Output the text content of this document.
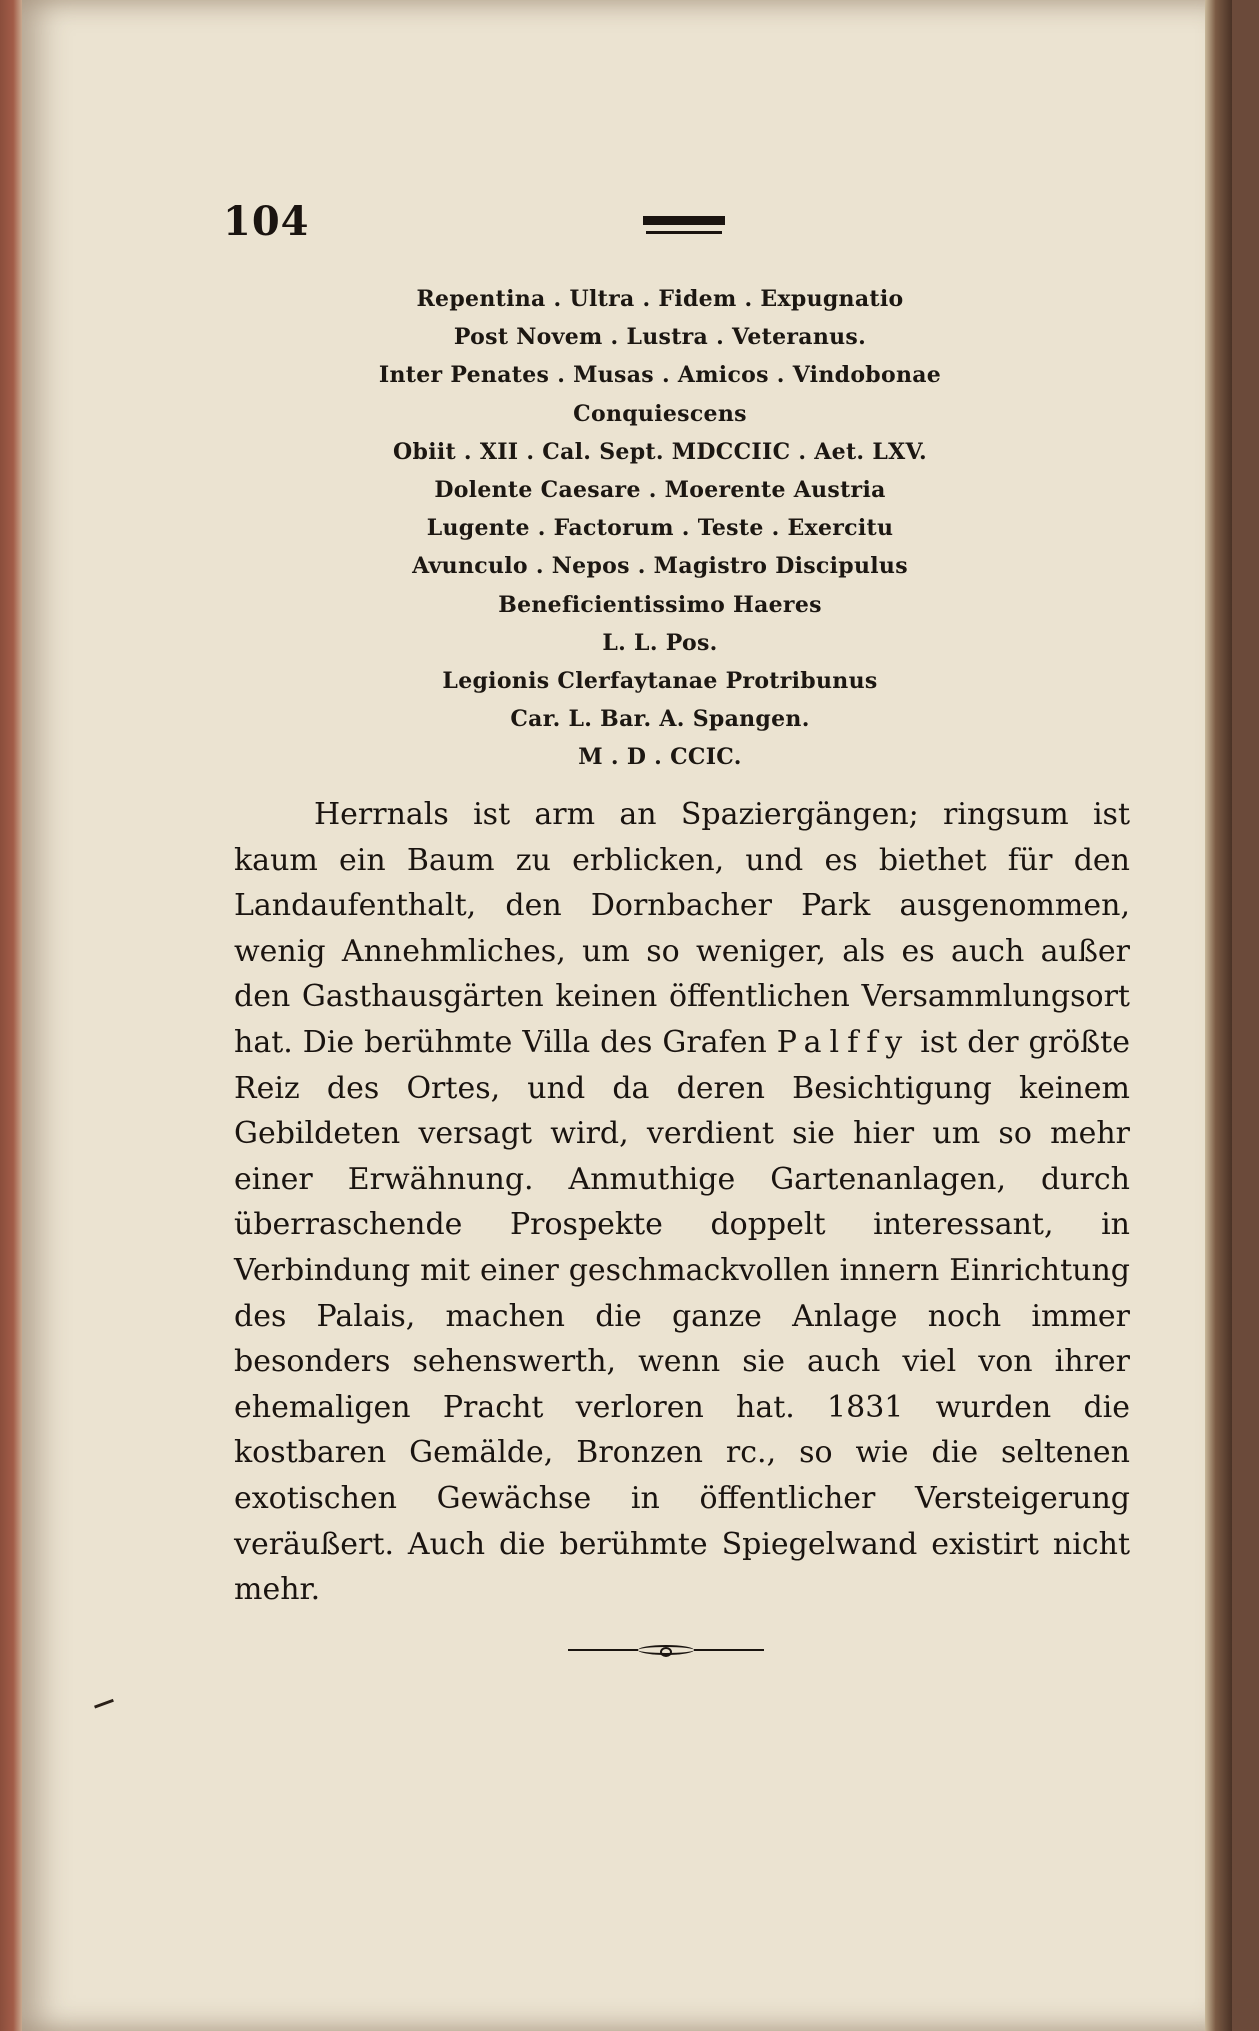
104
Repentina . Ultra . Fidem . Expugnatio
Post Novem . Lustra . Veteranus.
Inter Penates . Musas . Amicos . Vindobonae
Conquiescens
Obiit . XII . Cal. Sept. MDCCIIC . Aet. LXV.
Dolente Caesare . Moerente Austria
Lugente . Factorum . Teste . Exercitu
Avunculo . Nepos . Magistro Discipulus
Beneficientissimo Haeres
L. L. Pos.
Legionis Clerfaytanae Protribunus
Car. L. Bar. A. Spangen.
M . D . CCIC.

Herrnals ist arm an Spaziergängen; ringsum ist kaum ein Baum zu erblicken, und es biethet für den Landaufenthalt, den Dornbacher Park ausgenommen, wenig Annehmliches, um so weniger, als es auch außer den Gasthausgärten keinen öffentlichen Versammlungsort hat. Die berühmte Villa des Grafen Palffy ist der größte Reiz des Ortes, und da deren Besichtigung keinem Gebildeten versagt wird, verdient sie hier um so mehr einer Erwähnung. Anmuthige Gartenanlagen, durch überraschende Prospekte doppelt interessant, in Verbindung mit einer geschmackvollen innern Einrichtung des Palais, machen die ganze Anlage noch immer besonders sehenswerth, wenn sie auch viel von ihrer ehemaligen Pracht verloren hat. 1831 wurden die kostbaren Gemälde, Bronzen rc., so wie die seltenen exotischen Gewächse in öffentlicher Versteigerung veräußert. Auch die berühmte Spiegelwand existirt nicht mehr.
